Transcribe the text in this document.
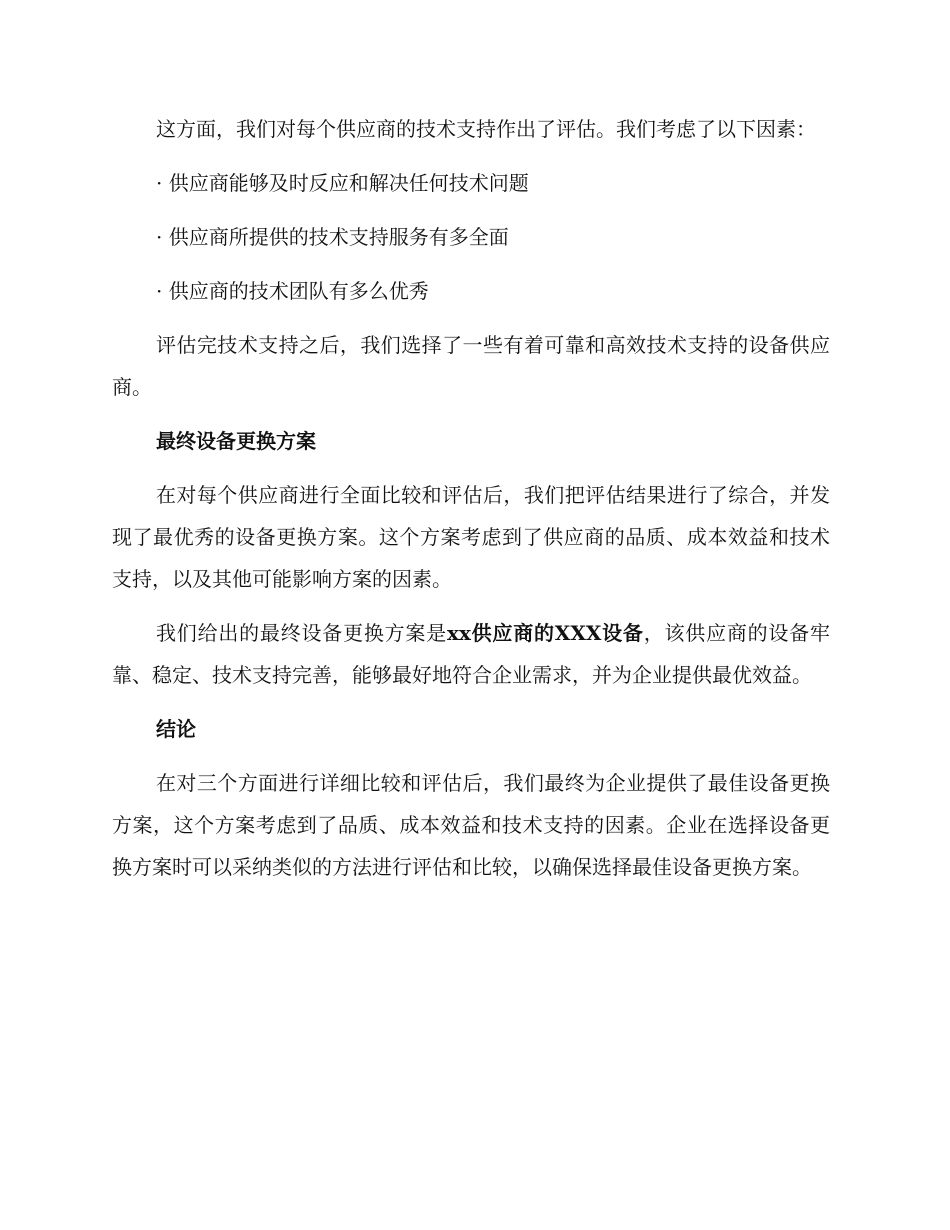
这方面，我们对每个供应商的技术支持作出了评估。我们考虑了以下因素：

· 供应商能够及时反应和解决任何技术问题

· 供应商所提供的技术支持服务有多全面

· 供应商的技术团队有多么优秀

评估完技术支持之后，我们选择了一些有着可靠和高效技术支持的设备供应商。

最终设备更换方案

在对每个供应商进行全面比较和评估后，我们把评估结果进行了综合，并发现了最优秀的设备更换方案。这个方案考虑到了供应商的品质、成本效益和技术支持，以及其他可能影响方案的因素。

我们给出的最终设备更换方案是xx供应商的XXX设备，该供应商的设备牢靠、稳定、技术支持完善，能够最好地符合企业需求，并为企业提供最优效益。

结论

在对三个方面进行详细比较和评估后，我们最终为企业提供了最佳设备更换方案，这个方案考虑到了品质、成本效益和技术支持的因素。企业在选择设备更换方案时可以采纳类似的方法进行评估和比较，以确保选择最佳设备更换方案。
